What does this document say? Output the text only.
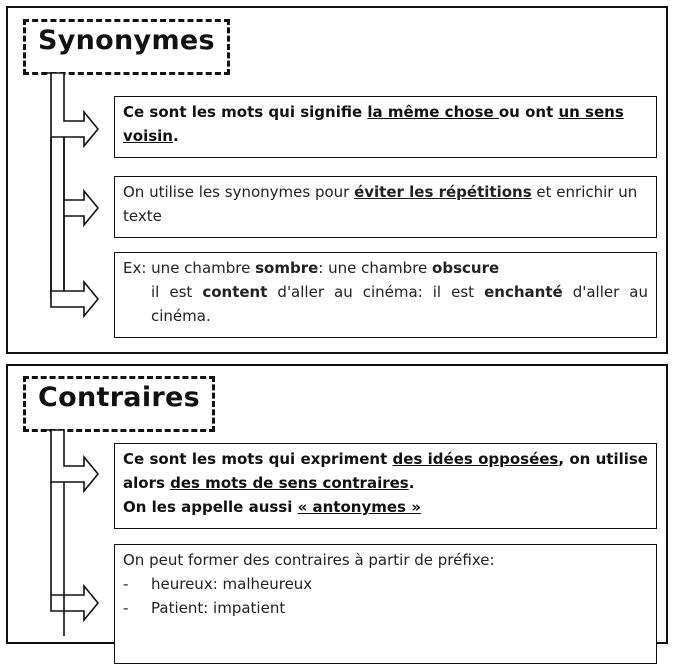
Synonymes

Ce sont les mots qui signifie la même chose ou ont un sens voisin.

On utilise les synonymes pour éviter les répétitions et enrichir un texte

Ex: une chambre sombre: une chambre obscure

il est content d'aller au cinéma: il est enchanté d'aller au cinéma.

Contraires

Ce sont les mots qui expriment des idées opposées, on utilise alors des mots de sens contraires.

On les appelle aussi « antonymes »

On peut former des contraires à partir de préfixe:

- heureux: malheureux

- Patient: impatient
